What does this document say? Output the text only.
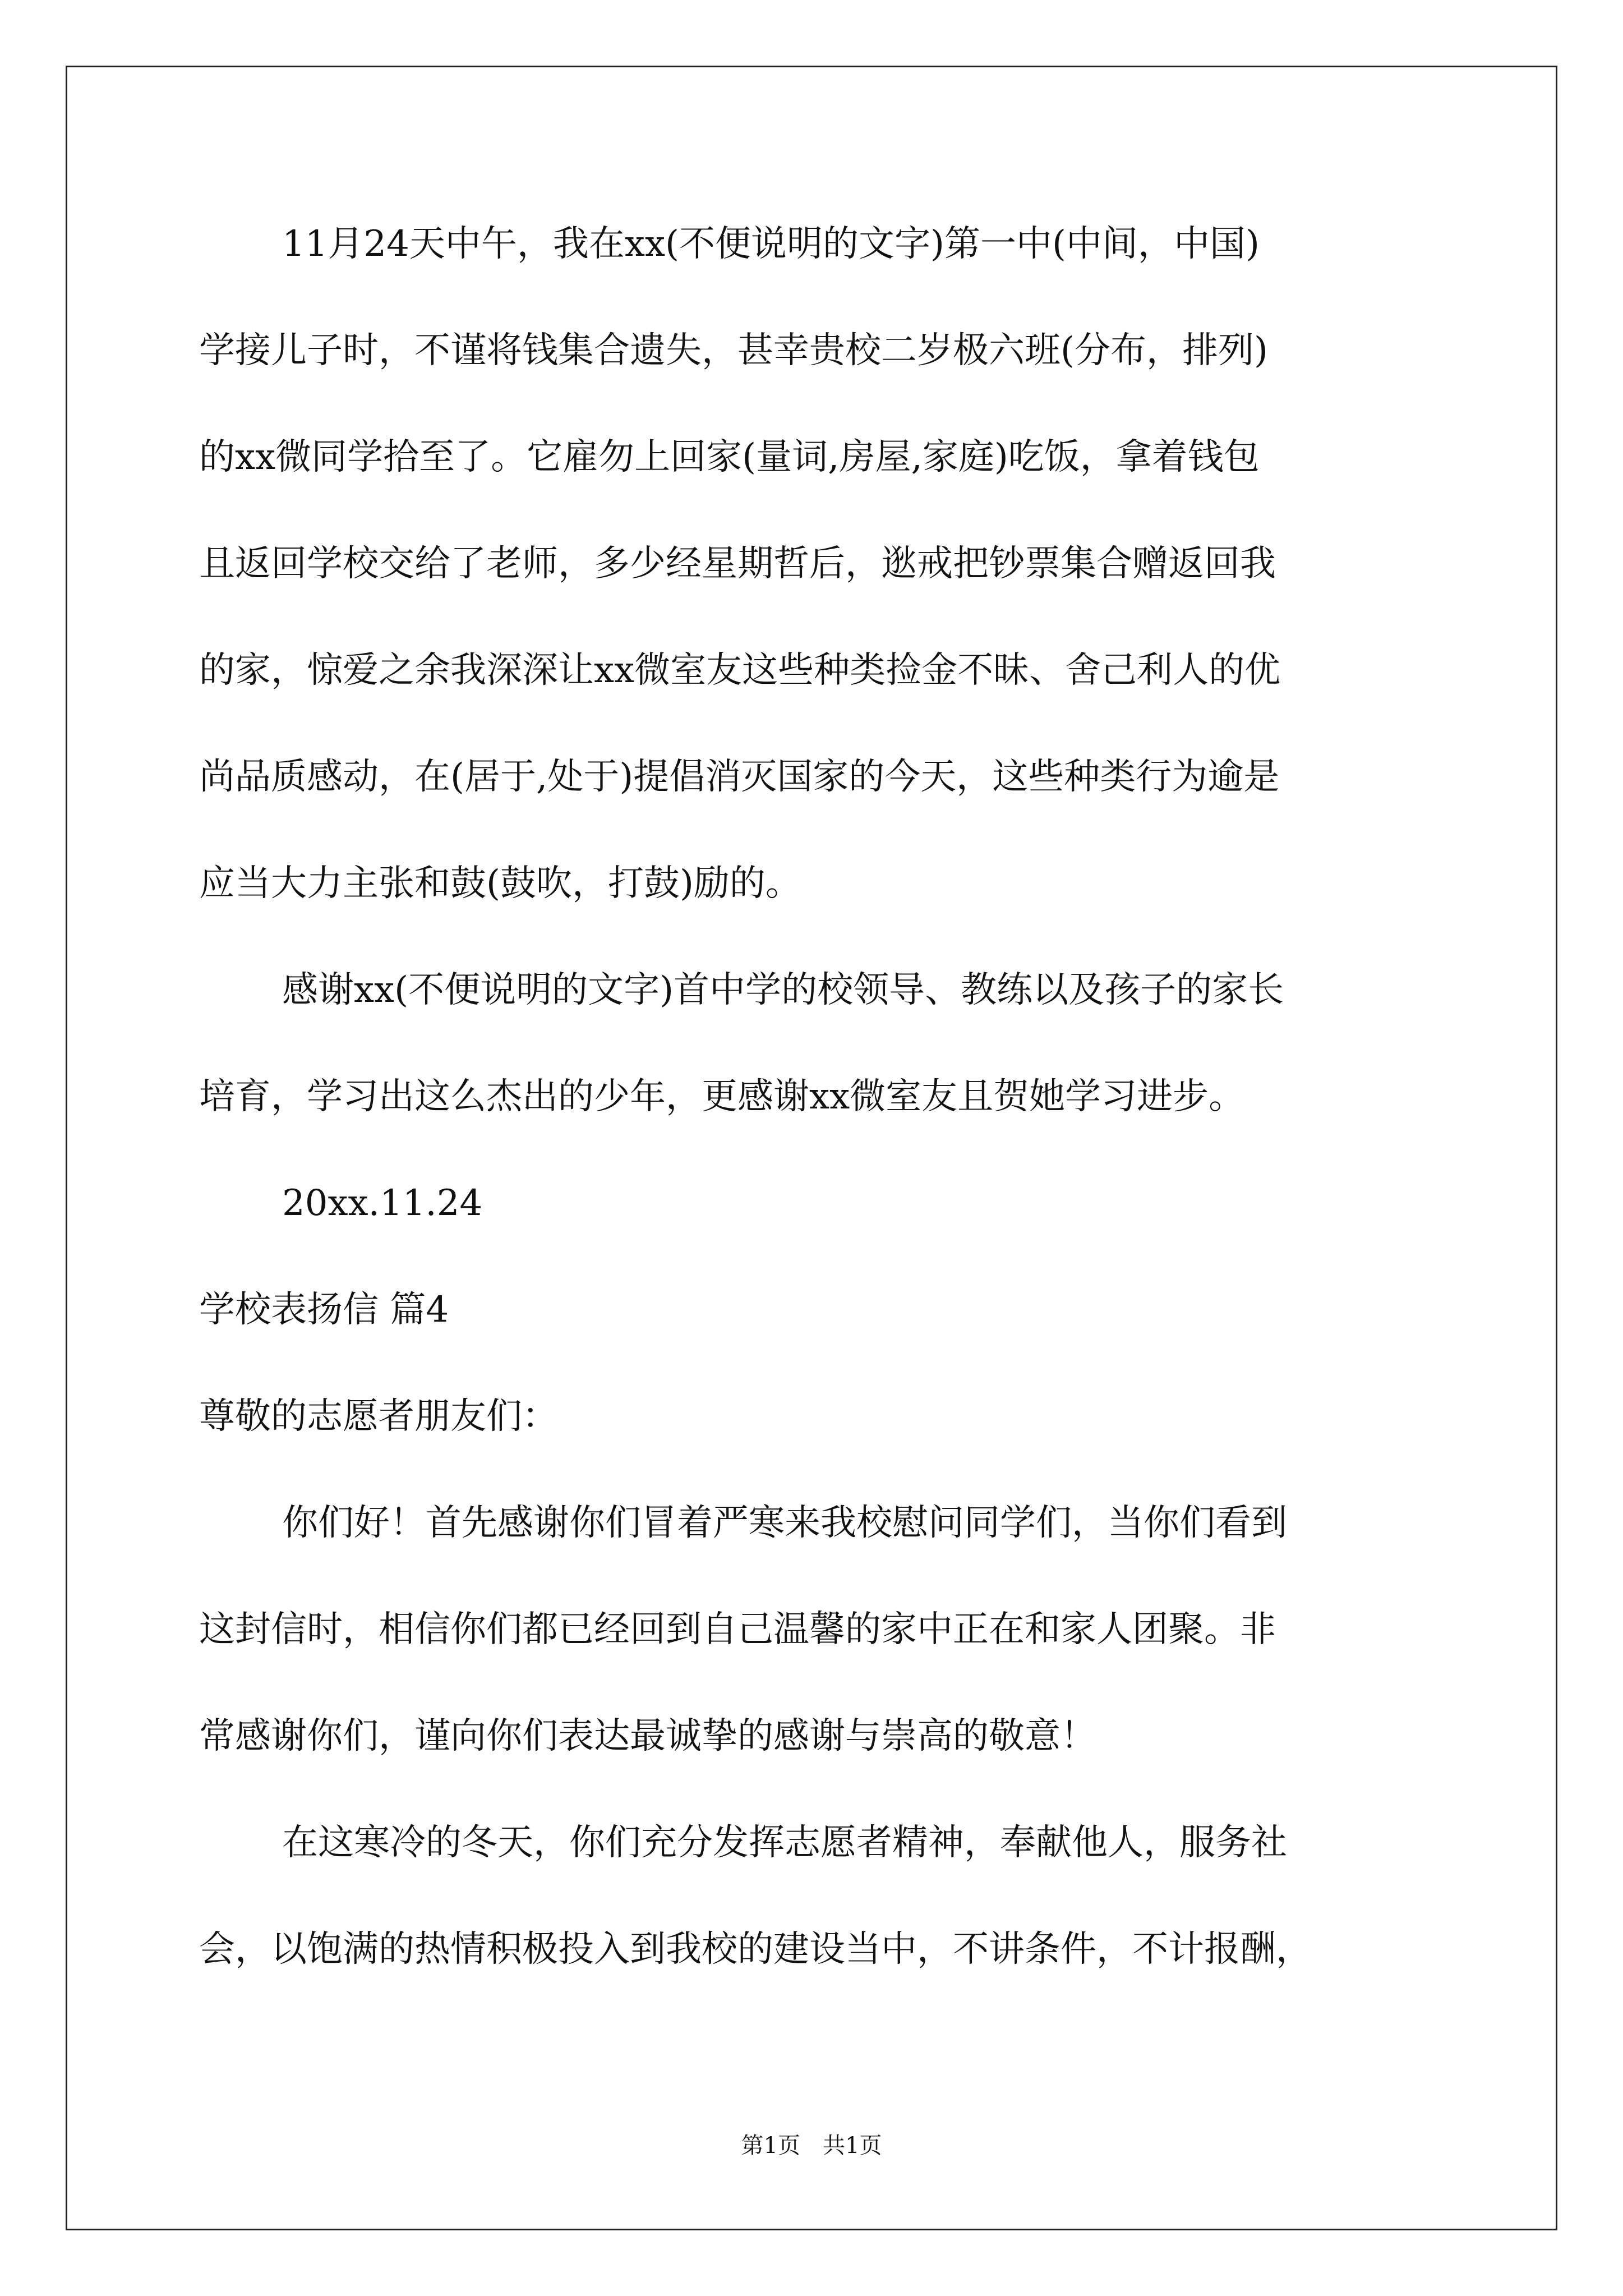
11月24天中午，我在xx(不便说明的文字)第一中(中间，中国)
学接儿子时，不谨将钱集合遗失，甚幸贵校二岁极六班(分布，排列)
的xx微同学拾至了。它雇勿上回家(量词,房屋,家庭)吃饭，拿着钱包
且返回学校交给了老师，多少经星期哲后，逖戒把钞票集合赠返回我
的家，惊爱之余我深深让xx微室友这些种类捡金不昧、舍己利人的优
尚品质感动，在(居于,处于)提倡消灭国家的今天，这些种类行为逾是
应当大力主张和鼓(鼓吹，打鼓)励的。
感谢xx(不便说明的文字)首中学的校领导、教练以及孩子的家长
培育，学习出这么杰出的少年，更感谢xx微室友且贺她学习进步。
20xx.11.24
学校表扬信 篇4
尊敬的志愿者朋友们：
你们好！首先感谢你们冒着严寒来我校慰问同学们，当你们看到
这封信时，相信你们都已经回到自己温馨的家中正在和家人团聚。非
常感谢你们，谨向你们表达最诚挚的感谢与崇高的敬意！
在这寒冷的冬天，你们充分发挥志愿者精神，奉献他人，服务社
会，以饱满的热情积极投入到我校的建设当中，不讲条件，不计报酬，
第1页 共1页
